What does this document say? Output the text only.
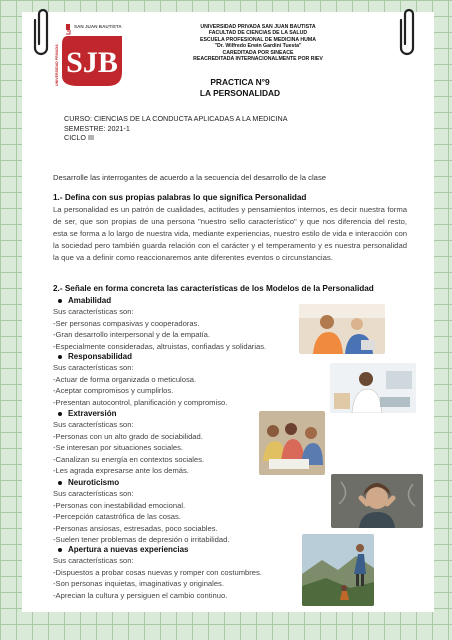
SAN JUAN BAUTISTA
UNIVERSIDAD PRIVADA SJB
UNIVERSIDAD PRIVADA SAN JUAN BAUTISTA
FACULTAD DE CIENCIAS DE LA SALUD
ESCUELA PROFESIONAL DE MEDICINA HUMA
"Dr. Wilfredo Erwin Gardini Tuesta"
CAREDITADA POR SINEACE
REACREDITADA INTERNACIONALMENTE POR RIEV
PRACTICA N°9
LA PERSONALIDAD
CURSO: CIENCIAS DE LA CONDUCTA APLICADAS A LA MEDICINA
SEMESTRE: 2021-1
CICLO III
Desarrolle las interrogantes de acuerdo a la secuencia del desarrollo de la clase
1.- Defina con sus propias palabras lo que significa Personalidad
La personalidad es un patrón de cualidades, actitudes y pensamientos internos, es decir nuestra forma de ser, que son propias de una persona "nuestro sello característico" y que nos diferencia del resto, esta se forma a lo largo de nuestra vida, mediante experiencias, nuestro estilo de vida e interacción con la sociedad pero también guarda relación con el carácter y el temperamento y es nuestra personalidad la que va a definir como reaccionaremos ante diferentes eventos o circunstancias.
2.- Señale en forma concreta las características de los Modelos de la Personalidad
Amabilidad
Sus características son:
-Ser personas compasivas y cooperadoras.
-Gran desarrollo interpersonal y de la empatía.
-Especialmente consideradas, altruistas, confiadas y solidarias.
Responsabilidad
Sus características son:
-Actuar de forma organizada o meticulosa.
-Aceptar compromisos y cumplirlos.
-Presentan autocontrol, planificación y compromiso.
Extraversión
Sus características son:
-Personas con un alto grado de sociabilidad.
-Se interesan por situaciones sociales.
-Canalizan su energía en contextos sociales.
-Les agrada expresarse ante los demás.
Neuroticismo
Sus características son:
-Personas con inestabilidad emocional.
-Percepción catastrófica de las cosas.
-Personas ansiosas, estresadas, poco sociables.
-Suelen tener problemas de depresión o irritabilidad.
Apertura a nuevas experiencias
Sus características son:
-Dispuestos a probar cosas nuevas y romper con costumbres.
-Son personas inquietas, imaginativas y originales.
-Aprecian la cultura y persiguen el cambio continuo.
